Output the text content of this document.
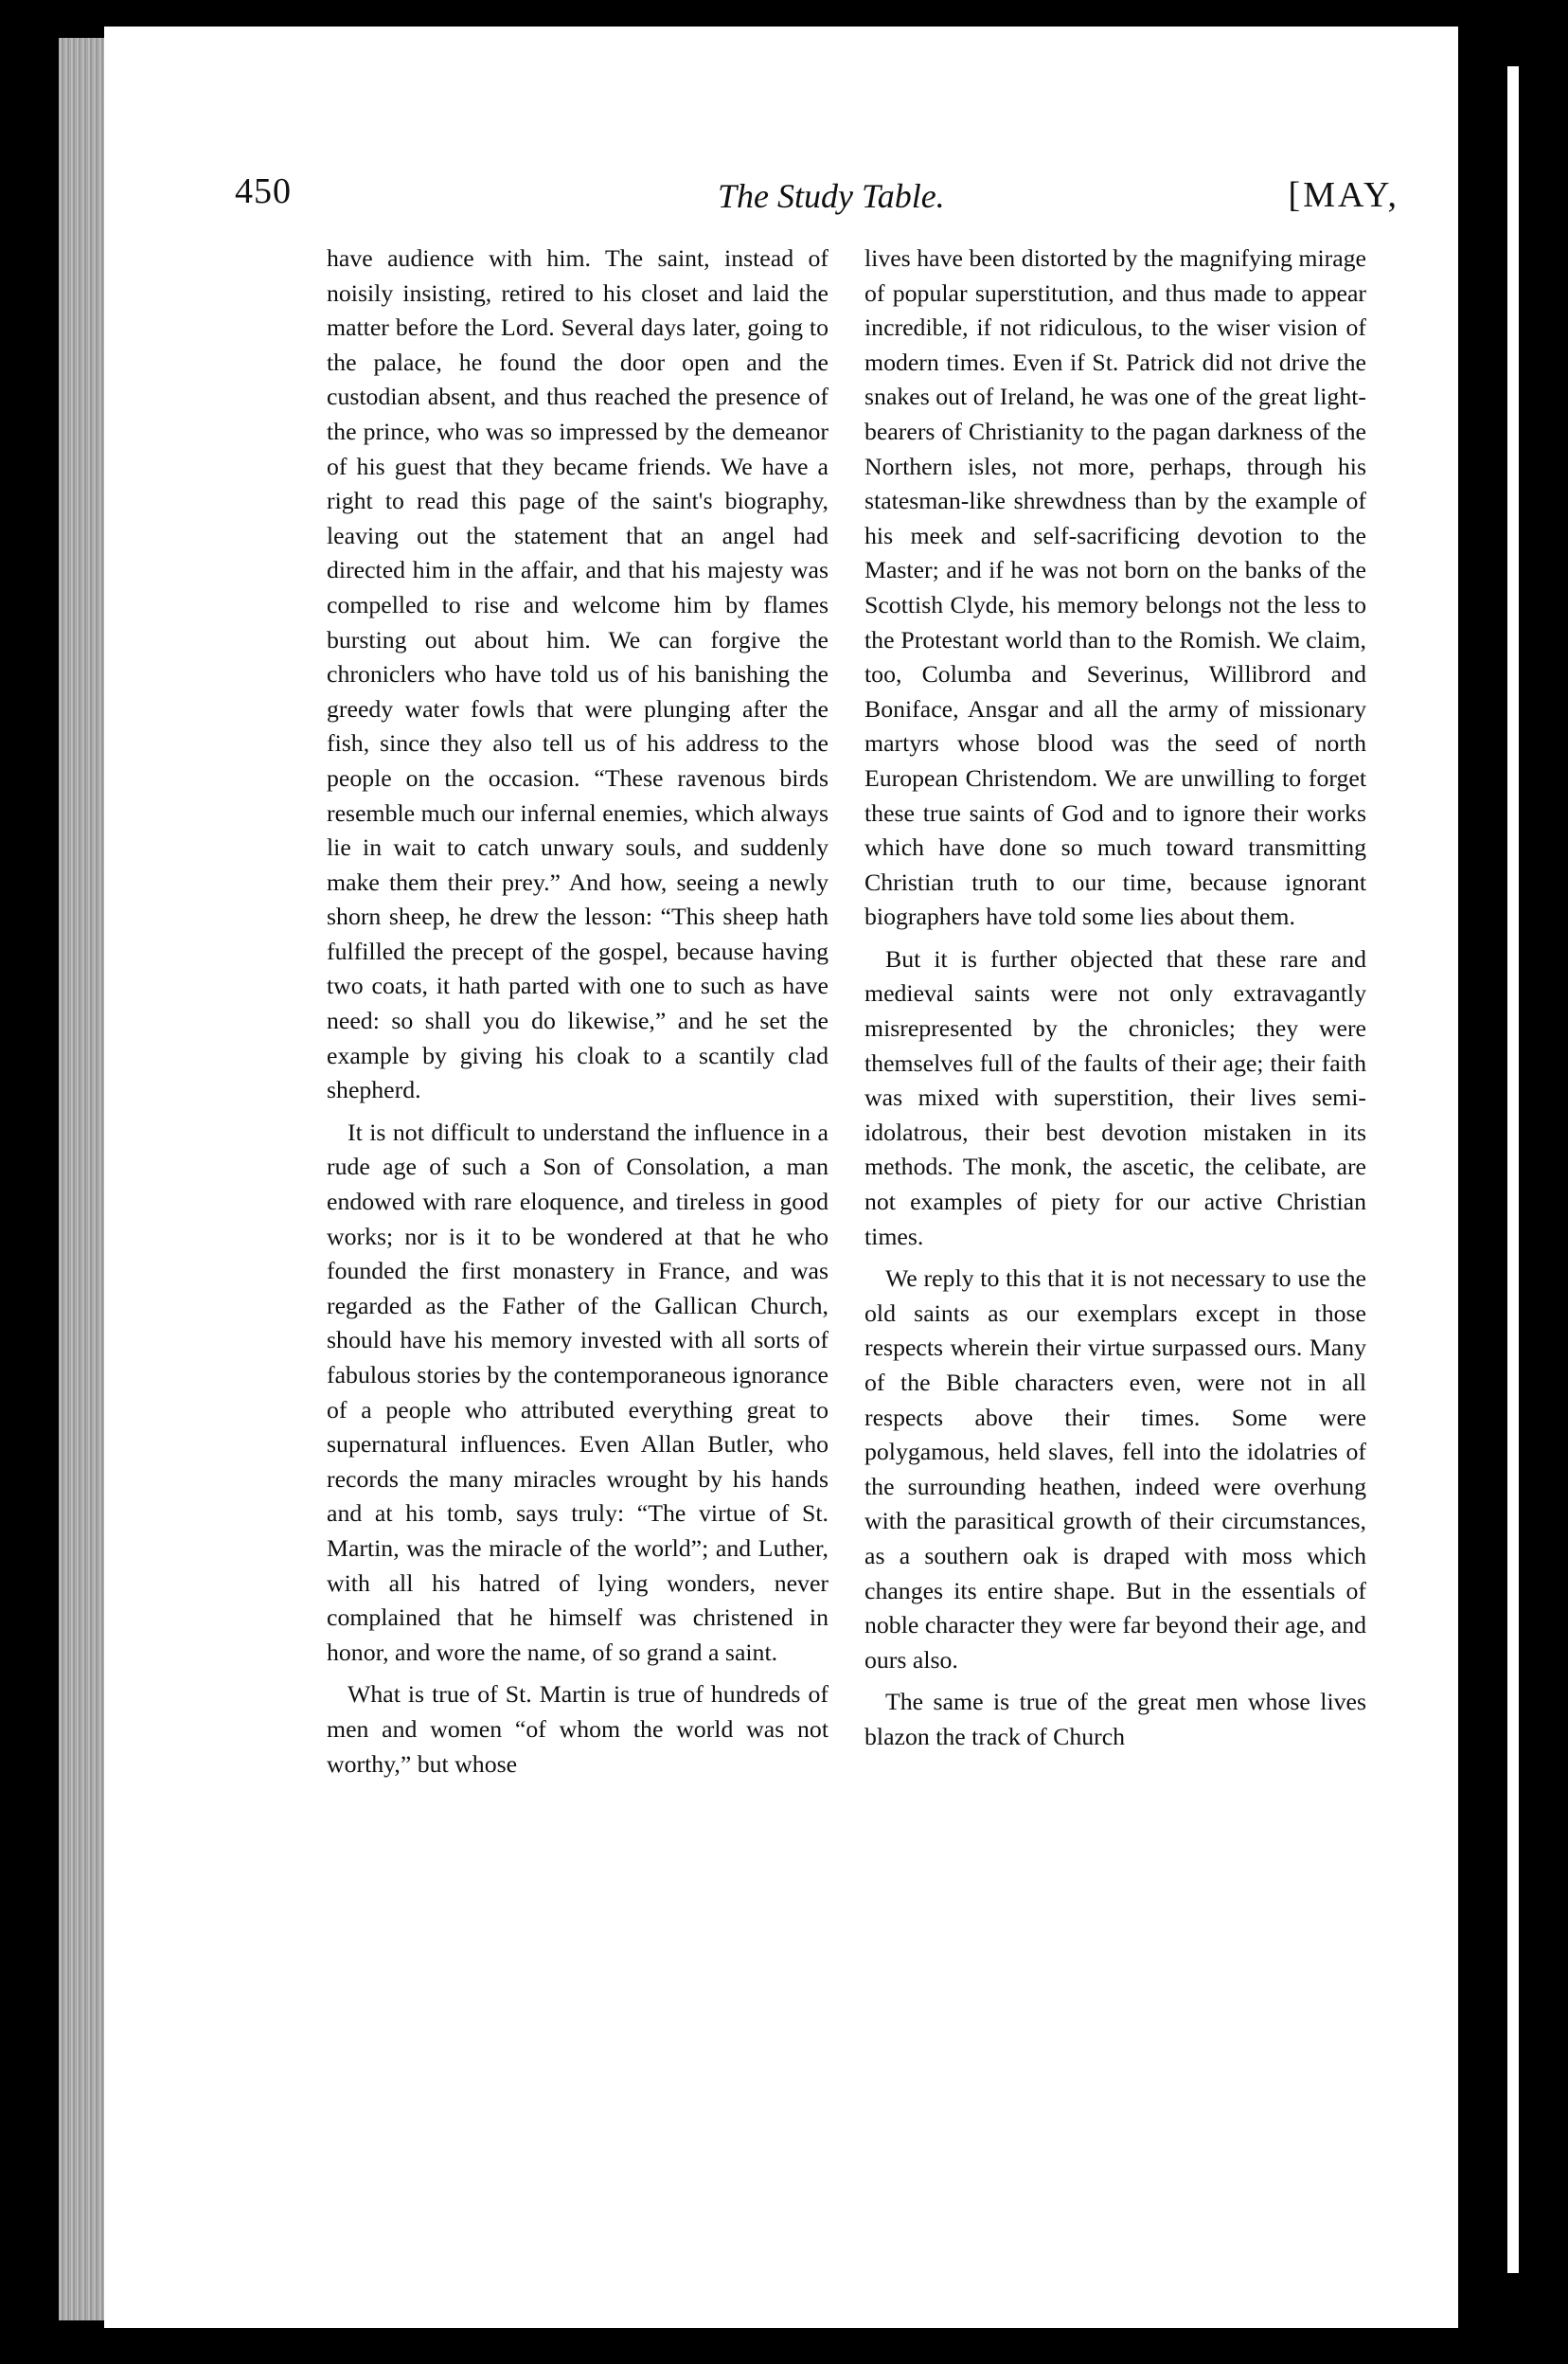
450	The Study Table.	[MAY,

have audience with him. The saint, instead of noisily insisting, retired to his closet and laid the matter before the Lord. Several days later, going to the palace, he found the door open and the custodian absent, and thus reached the presence of the prince, who was so impressed by the demeanor of his guest that they became friends. We have a right to read this page of the saint's biography, leaving out the statement that an angel had directed him in the affair, and that his majesty was compelled to rise and welcome him by flames bursting out about him. We can forgive the chroniclers who have told us of his banishing the greedy water fowls that were plunging after the fish, since they also tell us of his address to the people on the occasion. “These ravenous birds resemble much our infernal enemies, which always lie in wait to catch unwary souls, and suddenly make them their prey.” And how, seeing a newly shorn sheep, he drew the lesson: “This sheep hath fulfilled the precept of the gospel, because having two coats, it hath parted with one to such as have need: so shall you do likewise,” and he set the example by giving his cloak to a scantily clad shepherd.

It is not difficult to understand the influence in a rude age of such a Son of Consolation, a man endowed with rare eloquence, and tireless in good works; nor is it to be wondered at that he who founded the first monastery in France, and was regarded as the Father of the Gallican Church, should have his memory invested with all sorts of fabulous stories by the contemporaneous ignorance of a people who attributed everything great to supernatural influences. Even Allan Butler, who records the many miracles wrought by his hands and at his tomb, says truly: “The virtue of St. Martin, was the miracle of the world”; and Luther, with all his hatred of lying wonders, never complained that he himself was christened in honor, and wore the name, of so grand a saint.

What is true of St. Martin is true of hundreds of men and women “of whom the world was not worthy,” but whose

lives have been distorted by the magnifying mirage of popular superstitution, and thus made to appear incredible, if not ridiculous, to the wiser vision of modern times. Even if St. Patrick did not drive the snakes out of Ireland, he was one of the great light-bearers of Christianity to the pagan darkness of the Northern isles, not more, perhaps, through his statesman-like shrewdness than by the example of his meek and self-sacrificing devotion to the Master; and if he was not born on the banks of the Scottish Clyde, his memory belongs not the less to the Protestant world than to the Romish. We claim, too, Columba and Severinus, Willibrord and Boniface, Ansgar and all the army of missionary martyrs whose blood was the seed of north European Christendom. We are unwilling to forget these true saints of God and to ignore their works which have done so much toward transmitting Christian truth to our time, because ignorant biographers have told some lies about them.

But it is further objected that these rare and medieval saints were not only extravagantly misrepresented by the chronicles; they were themselves full of the faults of their age; their faith was mixed with superstition, their lives semi-idolatrous, their best devotion mistaken in its methods. The monk, the ascetic, the celibate, are not examples of piety for our active Christian times.

We reply to this that it is not necessary to use the old saints as our exemplars except in those respects wherein their virtue surpassed ours. Many of the Bible characters even, were not in all respects above their times. Some were polygamous, held slaves, fell into the idolatries of the surrounding heathen, indeed were overhung with the parasitical growth of their circumstances, as a southern oak is draped with moss which changes its entire shape. But in the essentials of noble character they were far beyond their age, and ours also.

The same is true of the great men whose lives blazon the track of Church
